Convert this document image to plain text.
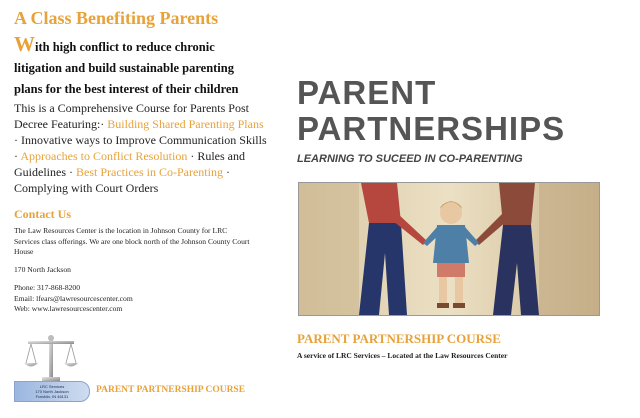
A Class Benefiting Parents
With high conflict to reduce chronic litigation and build sustainable parenting plans for the best interest of their children
This is a Comprehensive Course for Parents Post Decree Featuring:· Building Shared Parenting Plans · Innovative ways to Improve Communication Skills · Approaches to Conflict Resolution · Rules and Guidelines · Best Practices in Co-Parenting · Complying with Court Orders
Contact Us
The Law Resources Center is the location in Johnson County for LRC Services class offerings. We are one block north of the Johnson County Court House
170 North Jackson
Phone: 317-868-8200
Email: lfears@lawresourcescenter.com
Web: www.lawresourcescenter.com
LRC Services
170 North Jackson
Franklin, IN 46131
PARENT PARTNERSHIP COURSE
PARENT
PARTNERSHIPS
LEARNING TO SUCEED IN CO-PARENTING
PARENT PARTNERSHIP COURSE
A service of LRC Services – Located at the Law Resources Center
